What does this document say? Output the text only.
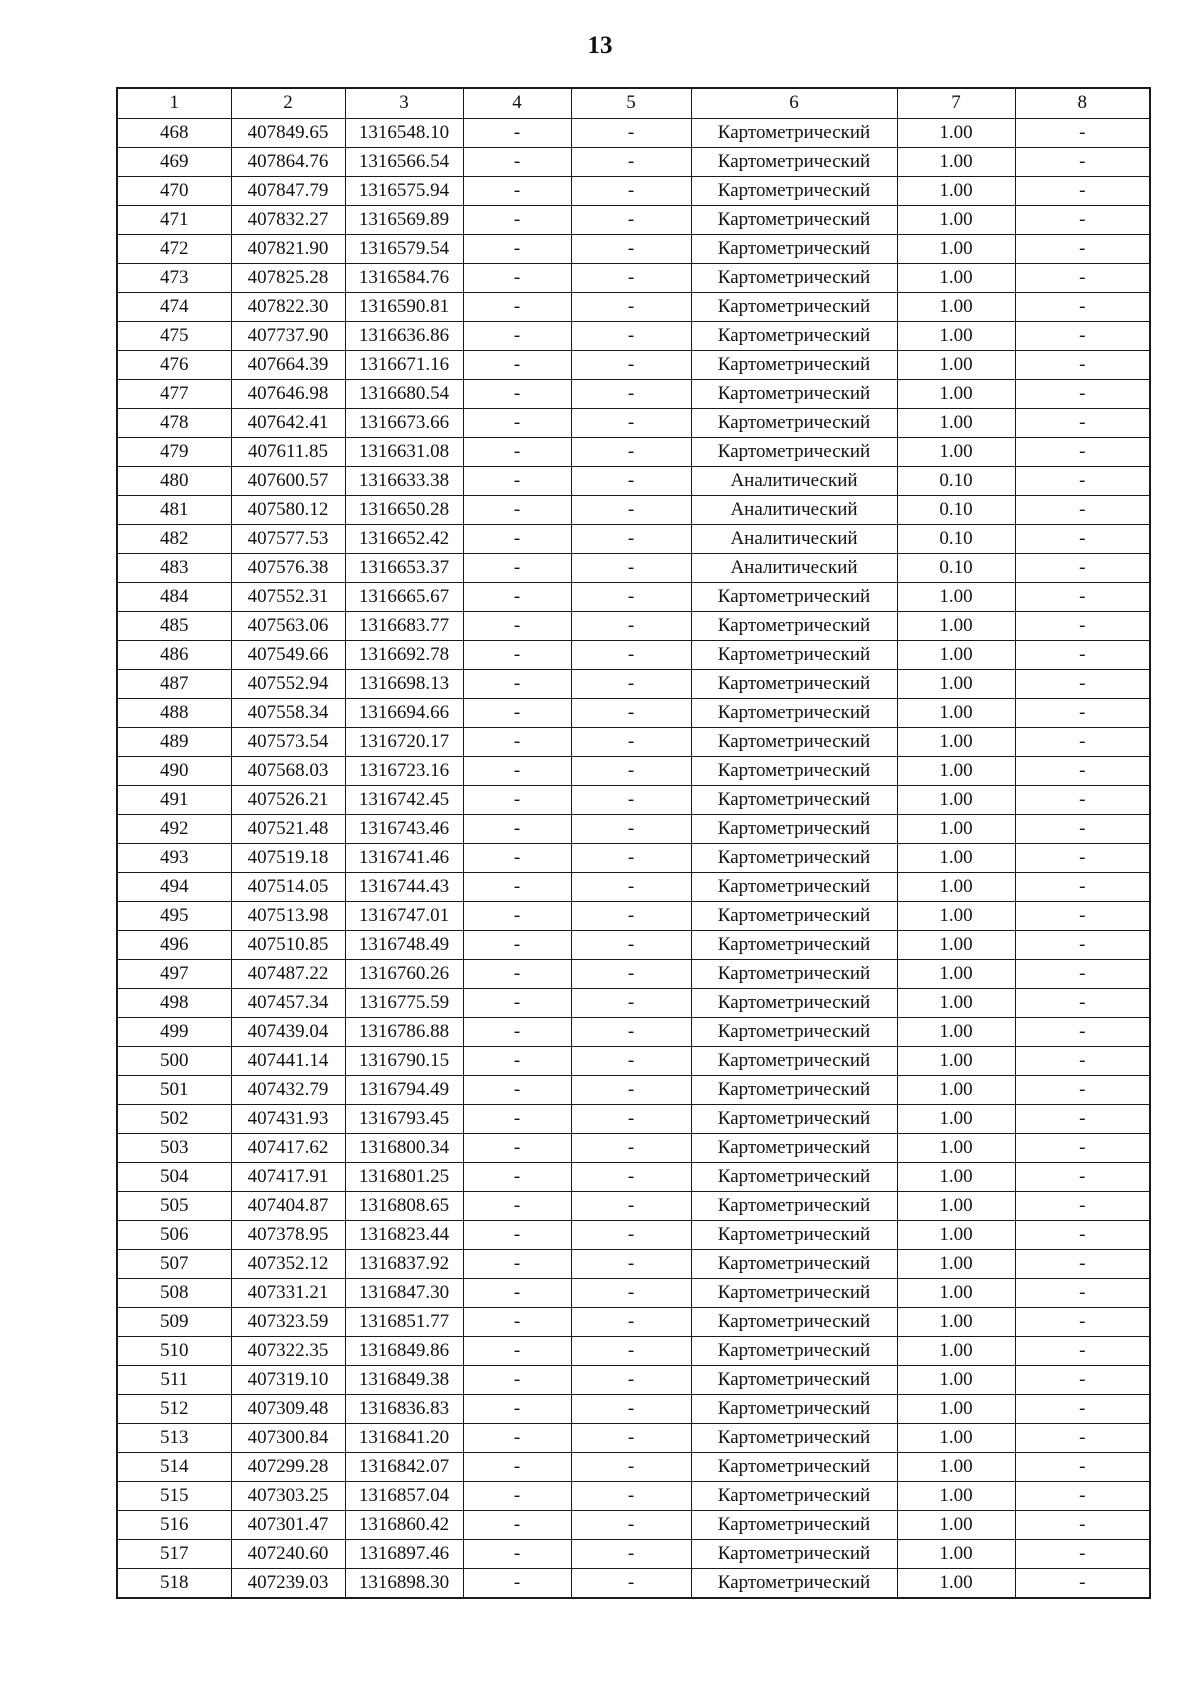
13
1	2	3	4	5	6	7	8
468	407849.65	1316548.10	-	-	Картометрический	1.00	-
469	407864.76	1316566.54	-	-	Картометрический	1.00	-
470	407847.79	1316575.94	-	-	Картометрический	1.00	-
471	407832.27	1316569.89	-	-	Картометрический	1.00	-
472	407821.90	1316579.54	-	-	Картометрический	1.00	-
473	407825.28	1316584.76	-	-	Картометрический	1.00	-
474	407822.30	1316590.81	-	-	Картометрический	1.00	-
475	407737.90	1316636.86	-	-	Картометрический	1.00	-
476	407664.39	1316671.16	-	-	Картометрический	1.00	-
477	407646.98	1316680.54	-	-	Картометрический	1.00	-
478	407642.41	1316673.66	-	-	Картометрический	1.00	-
479	407611.85	1316631.08	-	-	Картометрический	1.00	-
480	407600.57	1316633.38	-	-	Аналитический	0.10	-
481	407580.12	1316650.28	-	-	Аналитический	0.10	-
482	407577.53	1316652.42	-	-	Аналитический	0.10	-
483	407576.38	1316653.37	-	-	Аналитический	0.10	-
484	407552.31	1316665.67	-	-	Картометрический	1.00	-
485	407563.06	1316683.77	-	-	Картометрический	1.00	-
486	407549.66	1316692.78	-	-	Картометрический	1.00	-
487	407552.94	1316698.13	-	-	Картометрический	1.00	-
488	407558.34	1316694.66	-	-	Картометрический	1.00	-
489	407573.54	1316720.17	-	-	Картометрический	1.00	-
490	407568.03	1316723.16	-	-	Картометрический	1.00	-
491	407526.21	1316742.45	-	-	Картометрический	1.00	-
492	407521.48	1316743.46	-	-	Картометрический	1.00	-
493	407519.18	1316741.46	-	-	Картометрический	1.00	-
494	407514.05	1316744.43	-	-	Картометрический	1.00	-
495	407513.98	1316747.01	-	-	Картометрический	1.00	-
496	407510.85	1316748.49	-	-	Картометрический	1.00	-
497	407487.22	1316760.26	-	-	Картометрический	1.00	-
498	407457.34	1316775.59	-	-	Картометрический	1.00	-
499	407439.04	1316786.88	-	-	Картометрический	1.00	-
500	407441.14	1316790.15	-	-	Картометрический	1.00	-
501	407432.79	1316794.49	-	-	Картометрический	1.00	-
502	407431.93	1316793.45	-	-	Картометрический	1.00	-
503	407417.62	1316800.34	-	-	Картометрический	1.00	-
504	407417.91	1316801.25	-	-	Картометрический	1.00	-
505	407404.87	1316808.65	-	-	Картометрический	1.00	-
506	407378.95	1316823.44	-	-	Картометрический	1.00	-
507	407352.12	1316837.92	-	-	Картометрический	1.00	-
508	407331.21	1316847.30	-	-	Картометрический	1.00	-
509	407323.59	1316851.77	-	-	Картометрический	1.00	-
510	407322.35	1316849.86	-	-	Картометрический	1.00	-
511	407319.10	1316849.38	-	-	Картометрический	1.00	-
512	407309.48	1316836.83	-	-	Картометрический	1.00	-
513	407300.84	1316841.20	-	-	Картометрический	1.00	-
514	407299.28	1316842.07	-	-	Картометрический	1.00	-
515	407303.25	1316857.04	-	-	Картометрический	1.00	-
516	407301.47	1316860.42	-	-	Картометрический	1.00	-
517	407240.60	1316897.46	-	-	Картометрический	1.00	-
518	407239.03	1316898.30	-	-	Картометрический	1.00	-
